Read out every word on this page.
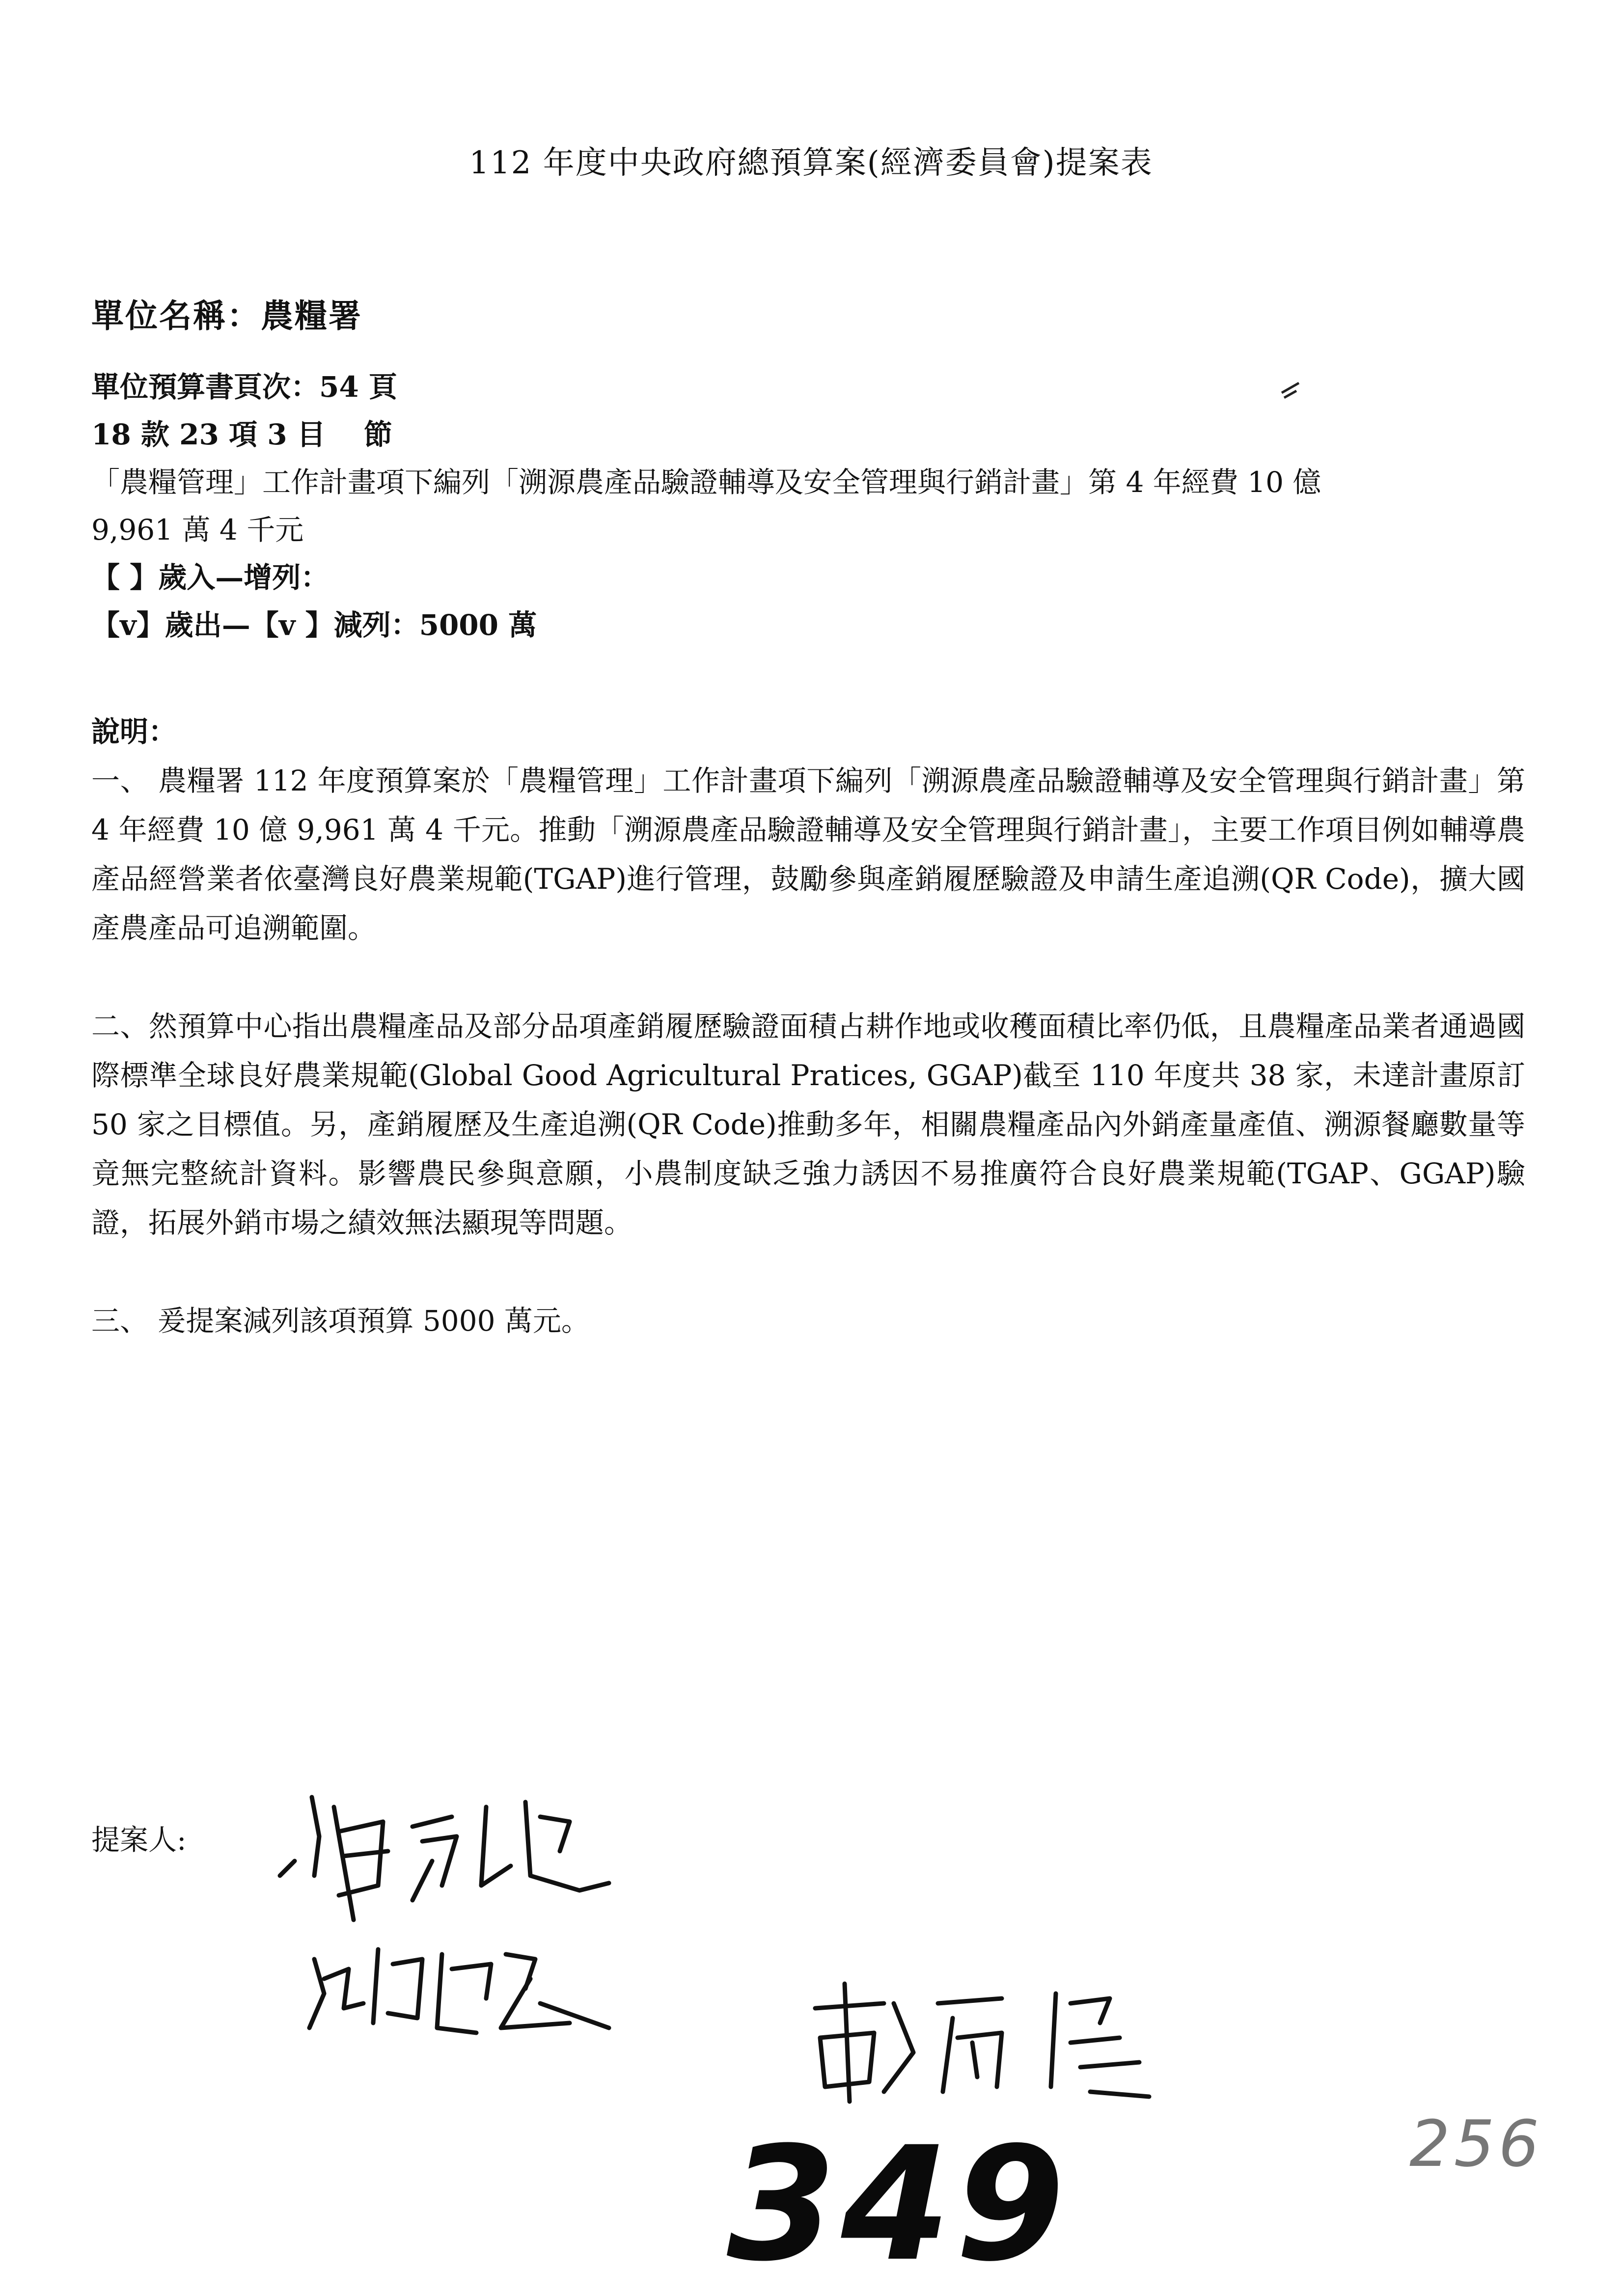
112 年度中央政府總預算案(經濟委員會)提案表
單位名稱：農糧署
單位預算書頁次：54 頁
18 款 23 項 3 目　 節
「農糧管理」工作計畫項下編列「溯源農產品驗證輔導及安全管理與行銷計畫」第 4 年經費 10 億
9,961 萬 4 千元
【 】歲入—增列：
【v】歲出—【v 】減列：5000 萬
說明：

一、 農糧署 112 年度預算案於「農糧管理」工作計畫項下編列「溯源農產品驗證輔導及安全管理與行銷計畫」第 4 年經費 10 億 9,961 萬 4 千元。推動「溯源農產品驗證輔導及安全管理與行銷計畫」，主要工作項目例如輔導農產品經營業者依臺灣良好農業規範(TGAP)進行管理，鼓勵參與產銷履歷驗證及申請生產追溯(QR Code)，擴大國產農產品可追溯範圍。

二、然預算中心指出農糧產品及部分品項產銷履歷驗證面積占耕作地或收穫面積比率仍低，且農糧產品業者通過國際標準全球良好農業規範(Global Good Agricultural Pratices, GGAP)截至 110 年度共 38 家，未達計畫原訂 50 家之目標值。另，產銷履歷及生產追溯(QR Code)推動多年，相關農糧產品內外銷產量產值、溯源餐廳數量等竟無完整統計資料。影響農民參與意願，小農制度缺乏強力誘因不易推廣符合良好農業規範(TGAP、GGAP)驗證，拓展外銷市場之績效無法顯現等問題。

三、 爰提案減列該項預算 5000 萬元。

提案人:
349	256
